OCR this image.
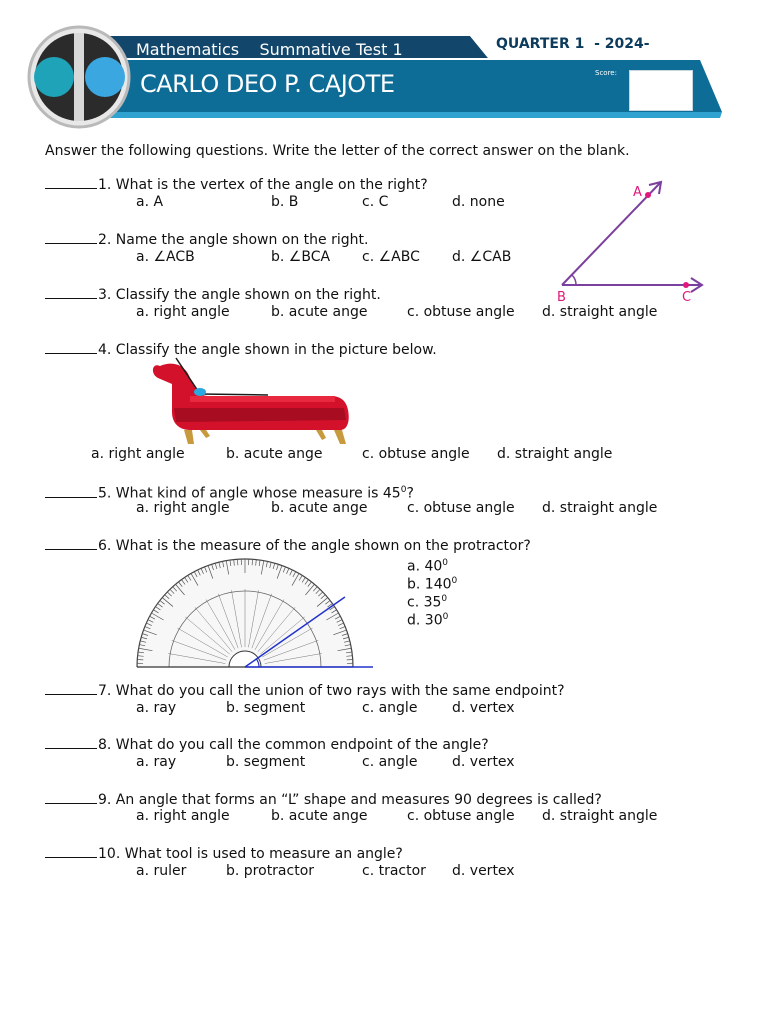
Mathematics    Summative Test 1	QUARTER 1  - 2024-
CARLO DEO P. CAJOTE	Score:
Answer the following questions. Write the letter of the correct answer on the blank.
A
B	C
1. What is the vertex of the angle on the right?
a. A	b. B	c. C	d. none
2. Name the angle shown on the right.
a. ∠ACB	b. ∠BCA c. ∠ABC d. ∠CAB
3. Classify the angle shown on the right.
a. right angle	b. acute ange	c. obtuse angle d. straight angle
4. Classify the angle shown in the picture below.
a. right angle	b. acute ange	c. obtuse angle d. straight angle
5. What kind of angle whose measure is $45^0$?
a. right angle	b. acute ange	c. obtuse angle d. straight angle
6. What is the measure of the angle shown on the protractor?
a. $40^0$
b. $140^0$
c. $35^0$
d. $30^0$
7. What do you call the union of two rays with the same endpoint?
a. ray	b. segment	c. angle d. vertex
8. What do you call the common endpoint of the angle?
a. ray	b. segment	c. angle d. vertex
9. An angle that forms an “L” shape and measures 90 degrees is called?
a. right angle	b. acute ange	c. obtuse angle d. straight angle
10. What tool is used to measure an angle?
a. ruler	b. protractor	c. tractor d. vertex
